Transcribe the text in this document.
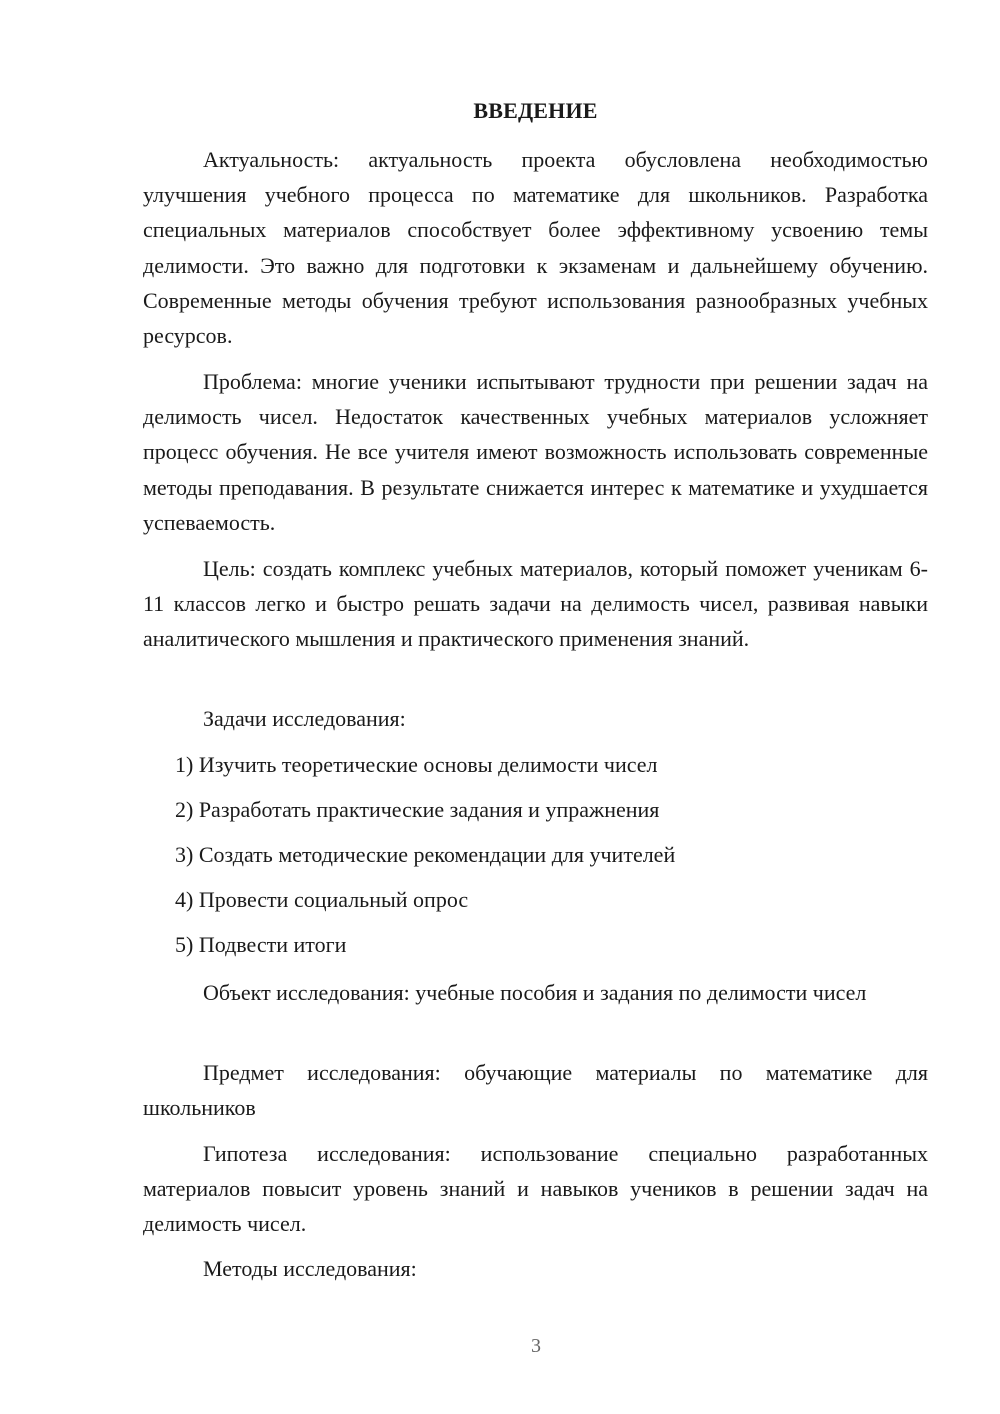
ВВЕДЕНИЕ

Актуальность: актуальность проекта обусловлена необходимостью улучшения учебного процесса по математике для школьников. Разработка специальных материалов способствует более эффективному усвоению темы делимости. Это важно для подготовки к экзаменам и дальнейшему обучению. Современные методы обучения требуют использования разнообразных учебных ресурсов.

Проблема: многие ученики испытывают трудности при решении задач на делимость чисел. Недостаток качественных учебных материалов усложняет процесс обучения. Не все учителя имеют возможность использовать современные методы преподавания. В результате снижается интерес к математике и ухудшается успеваемость.

Цель: создать комплекс учебных материалов, который поможет ученикам 6-11 классов легко и быстро решать задачи на делимость чисел, развивая навыки аналитического мышления и практического применения знаний.

Задачи исследования:

1) Изучить теоретические основы делимости чисел

2) Разработать практические задания и упражнения

3) Создать методические рекомендации для учителей

4) Провести социальный опрос

5) Подвести итоги

Объект исследования: учебные пособия и задания по делимости чисел

Предмет исследования: обучающие материалы по математике для школьников

Гипотеза исследования: использование специально разработанных материалов повысит уровень знаний и навыков учеников в решении задач на делимость чисел.

Методы исследования:

3
